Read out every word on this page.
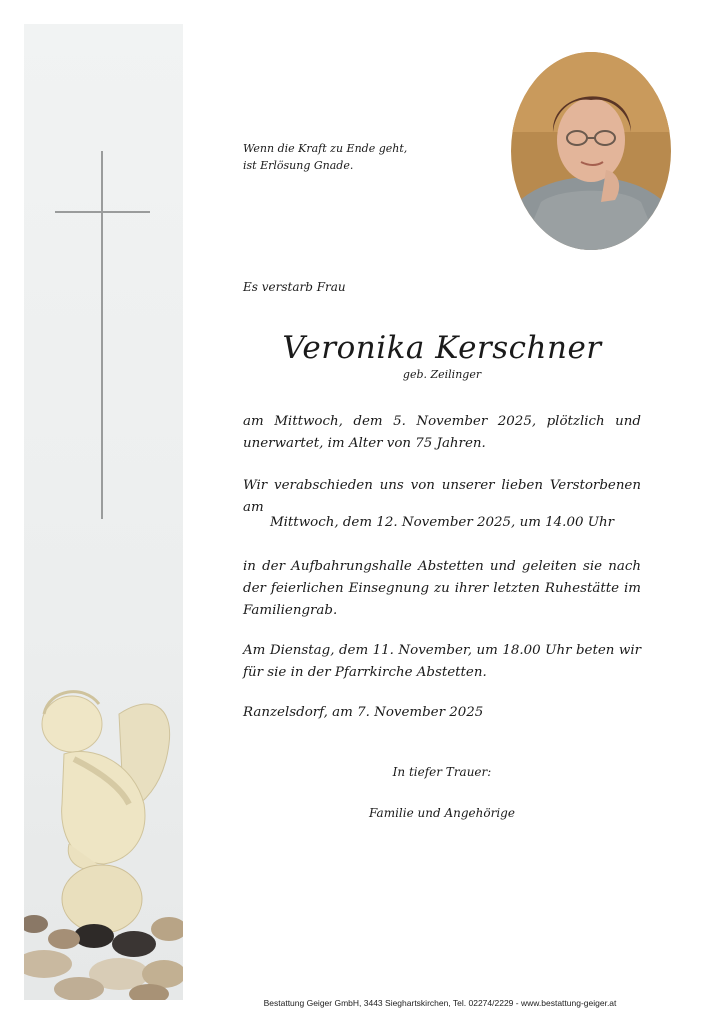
Wenn die Kraft zu Ende geht,
ist Erlösung Gnade.
Es verstarb Frau
Veronika Kerschner
geb. Zeilinger
am Mittwoch, dem 5. November 2025, plötzlich und unerwartet, im Alter von 75 Jahren.
Wir verabschieden uns von unserer lieben Verstorbenen am
Mittwoch, dem 12. November 2025, um 14.00 Uhr
in der Aufbahrungshalle Abstetten und geleiten sie nach der feierlichen Einsegnung zu ihrer letzten Ruhestätte im Familiengrab.
Am Dienstag, dem 11. November, um 18.00 Uhr beten wir für sie in der Pfarrkirche Abstetten.
Ranzelsdorf, am 7. November 2025
In tiefer Trauer:
Familie und Angehörige
Bestattung Geiger GmbH, 3443 Sieghartskirchen, Tel. 02274/2229 - www.bestattung-geiger.at
